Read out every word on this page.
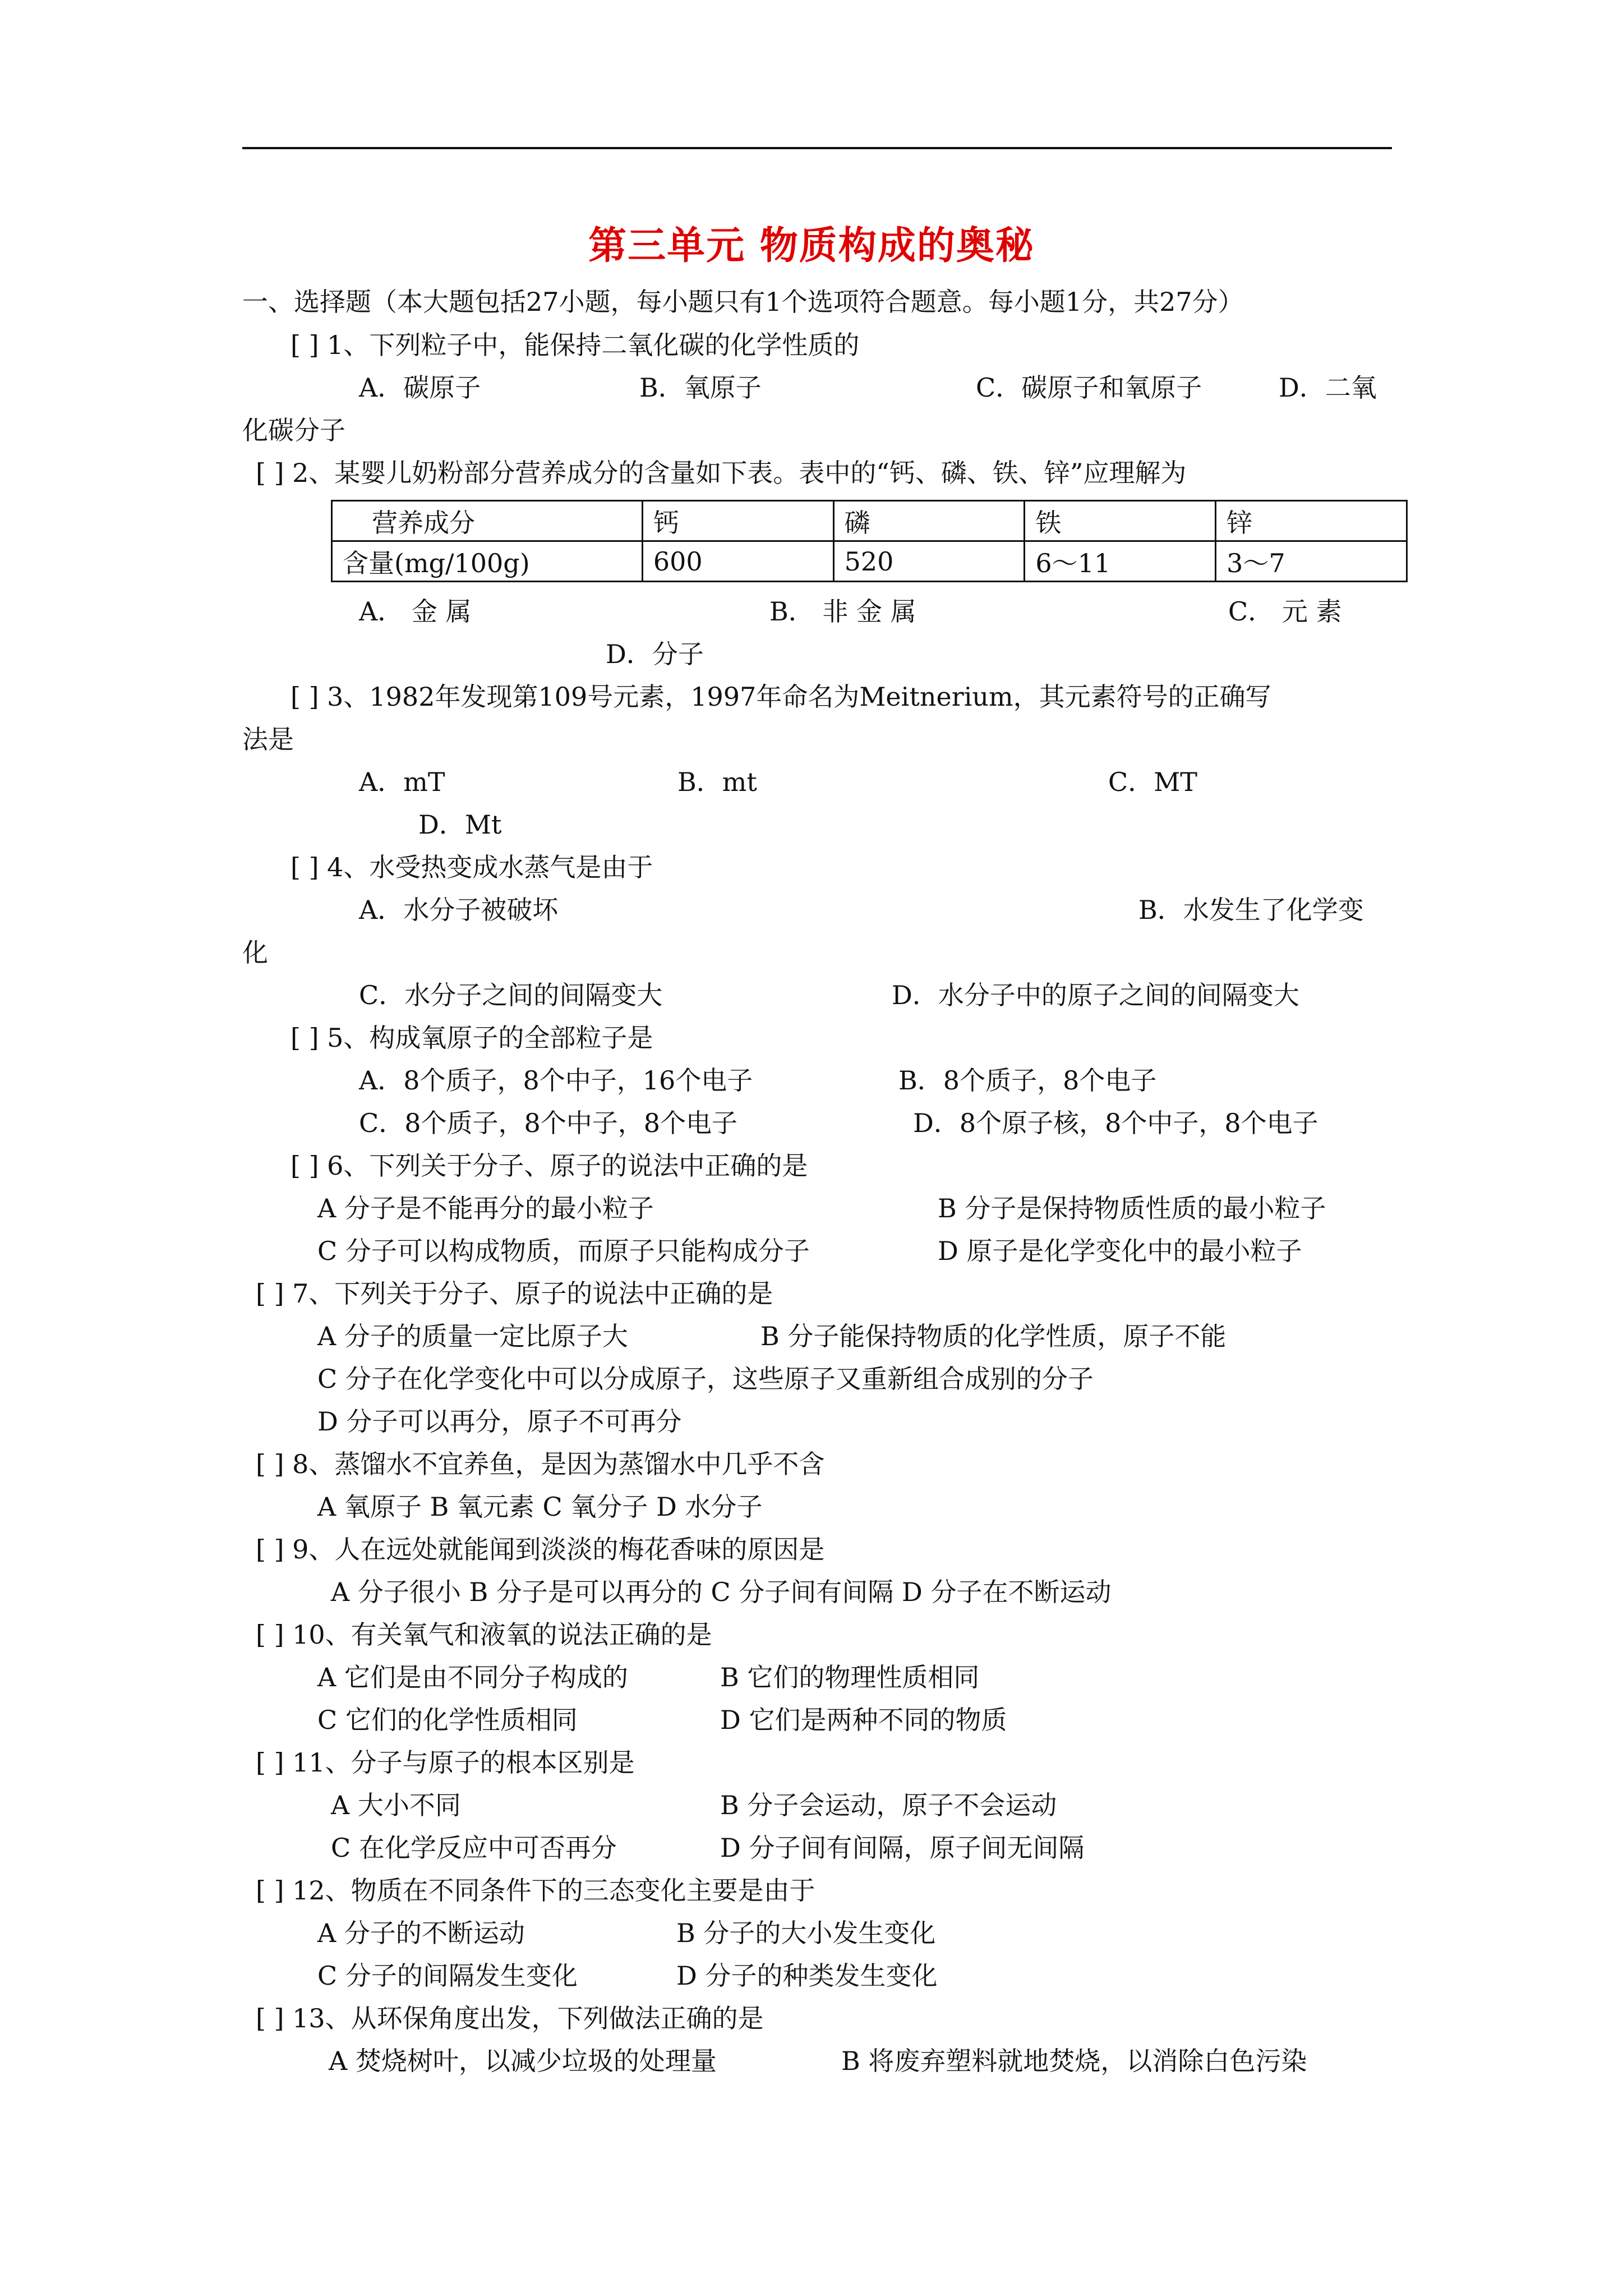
第三单元 物质构成的奥秘
一、选择题（本大题包括27小题，每小题只有1个选项符合题意。每小题1分，共27分）
[ ] 1、下列粒子中，能保持二氧化碳的化学性质的
A．碳原子	B．氧原子	C．碳原子和氧原子	D．二氧
化碳分子
[ ] 2、某婴儿奶粉部分营养成分的含量如下表。表中的“钙、磷、铁、锌”应理解为
营养成分	钙	磷	铁	锌
含量(mg/100g)	600	520	6～11	3～7
A． 金 属	B． 非 金 属	C． 元 素
D．分子
[ ] 3、1982年发现第109号元素，1997年命名为Meitnerium，其元素符号的正确写
法是
A．mT	B．mt	C．MT
D．Mt
[ ] 4、水受热变成水蒸气是由于
A．水分子被破坏	B．水发生了化学变
化
C．水分子之间的间隔变大	D．水分子中的原子之间的间隔变大
[ ] 5、构成氧原子的全部粒子是
A．8个质子，8个中子，16个电子	B．8个质子，8个电子
C．8个质子，8个中子，8个电子	D．8个原子核，8个中子，8个电子
[ ] 6、下列关于分子、原子的说法中正确的是
A 分子是不能再分的最小粒子	B 分子是保持物质性质的最小粒子
C 分子可以构成物质，而原子只能构成分子	D 原子是化学变化中的最小粒子
[ ] 7、下列关于分子、原子的说法中正确的是
A 分子的质量一定比原子大	B 分子能保持物质的化学性质，原子不能
C 分子在化学变化中可以分成原子，这些原子又重新组合成别的分子
D 分子可以再分，原子不可再分
[ ] 8、蒸馏水不宜养鱼，是因为蒸馏水中几乎不含
A 氧原子 B 氧元素 C 氧分子 D 水分子
[ ] 9、人在远处就能闻到淡淡的梅花香味的原因是
A 分子很小 B 分子是可以再分的 C 分子间有间隔 D 分子在不断运动
[ ] 10、有关氧气和液氧的说法正确的是
A 它们是由不同分子构成的	B 它们的物理性质相同
C 它们的化学性质相同	D 它们是两种不同的物质
[ ] 11、分子与原子的根本区别是
A 大小不同	B 分子会运动，原子不会运动
C 在化学反应中可否再分	D 分子间有间隔，原子间无间隔
[ ] 12、物质在不同条件下的三态变化主要是由于
A 分子的不断运动	B 分子的大小发生变化
C 分子的间隔发生变化	D 分子的种类发生变化
[ ] 13、从环保角度出发，下列做法正确的是
A 焚烧树叶，以减少垃圾的处理量	B 将废弃塑料就地焚烧，以消除白色污染
